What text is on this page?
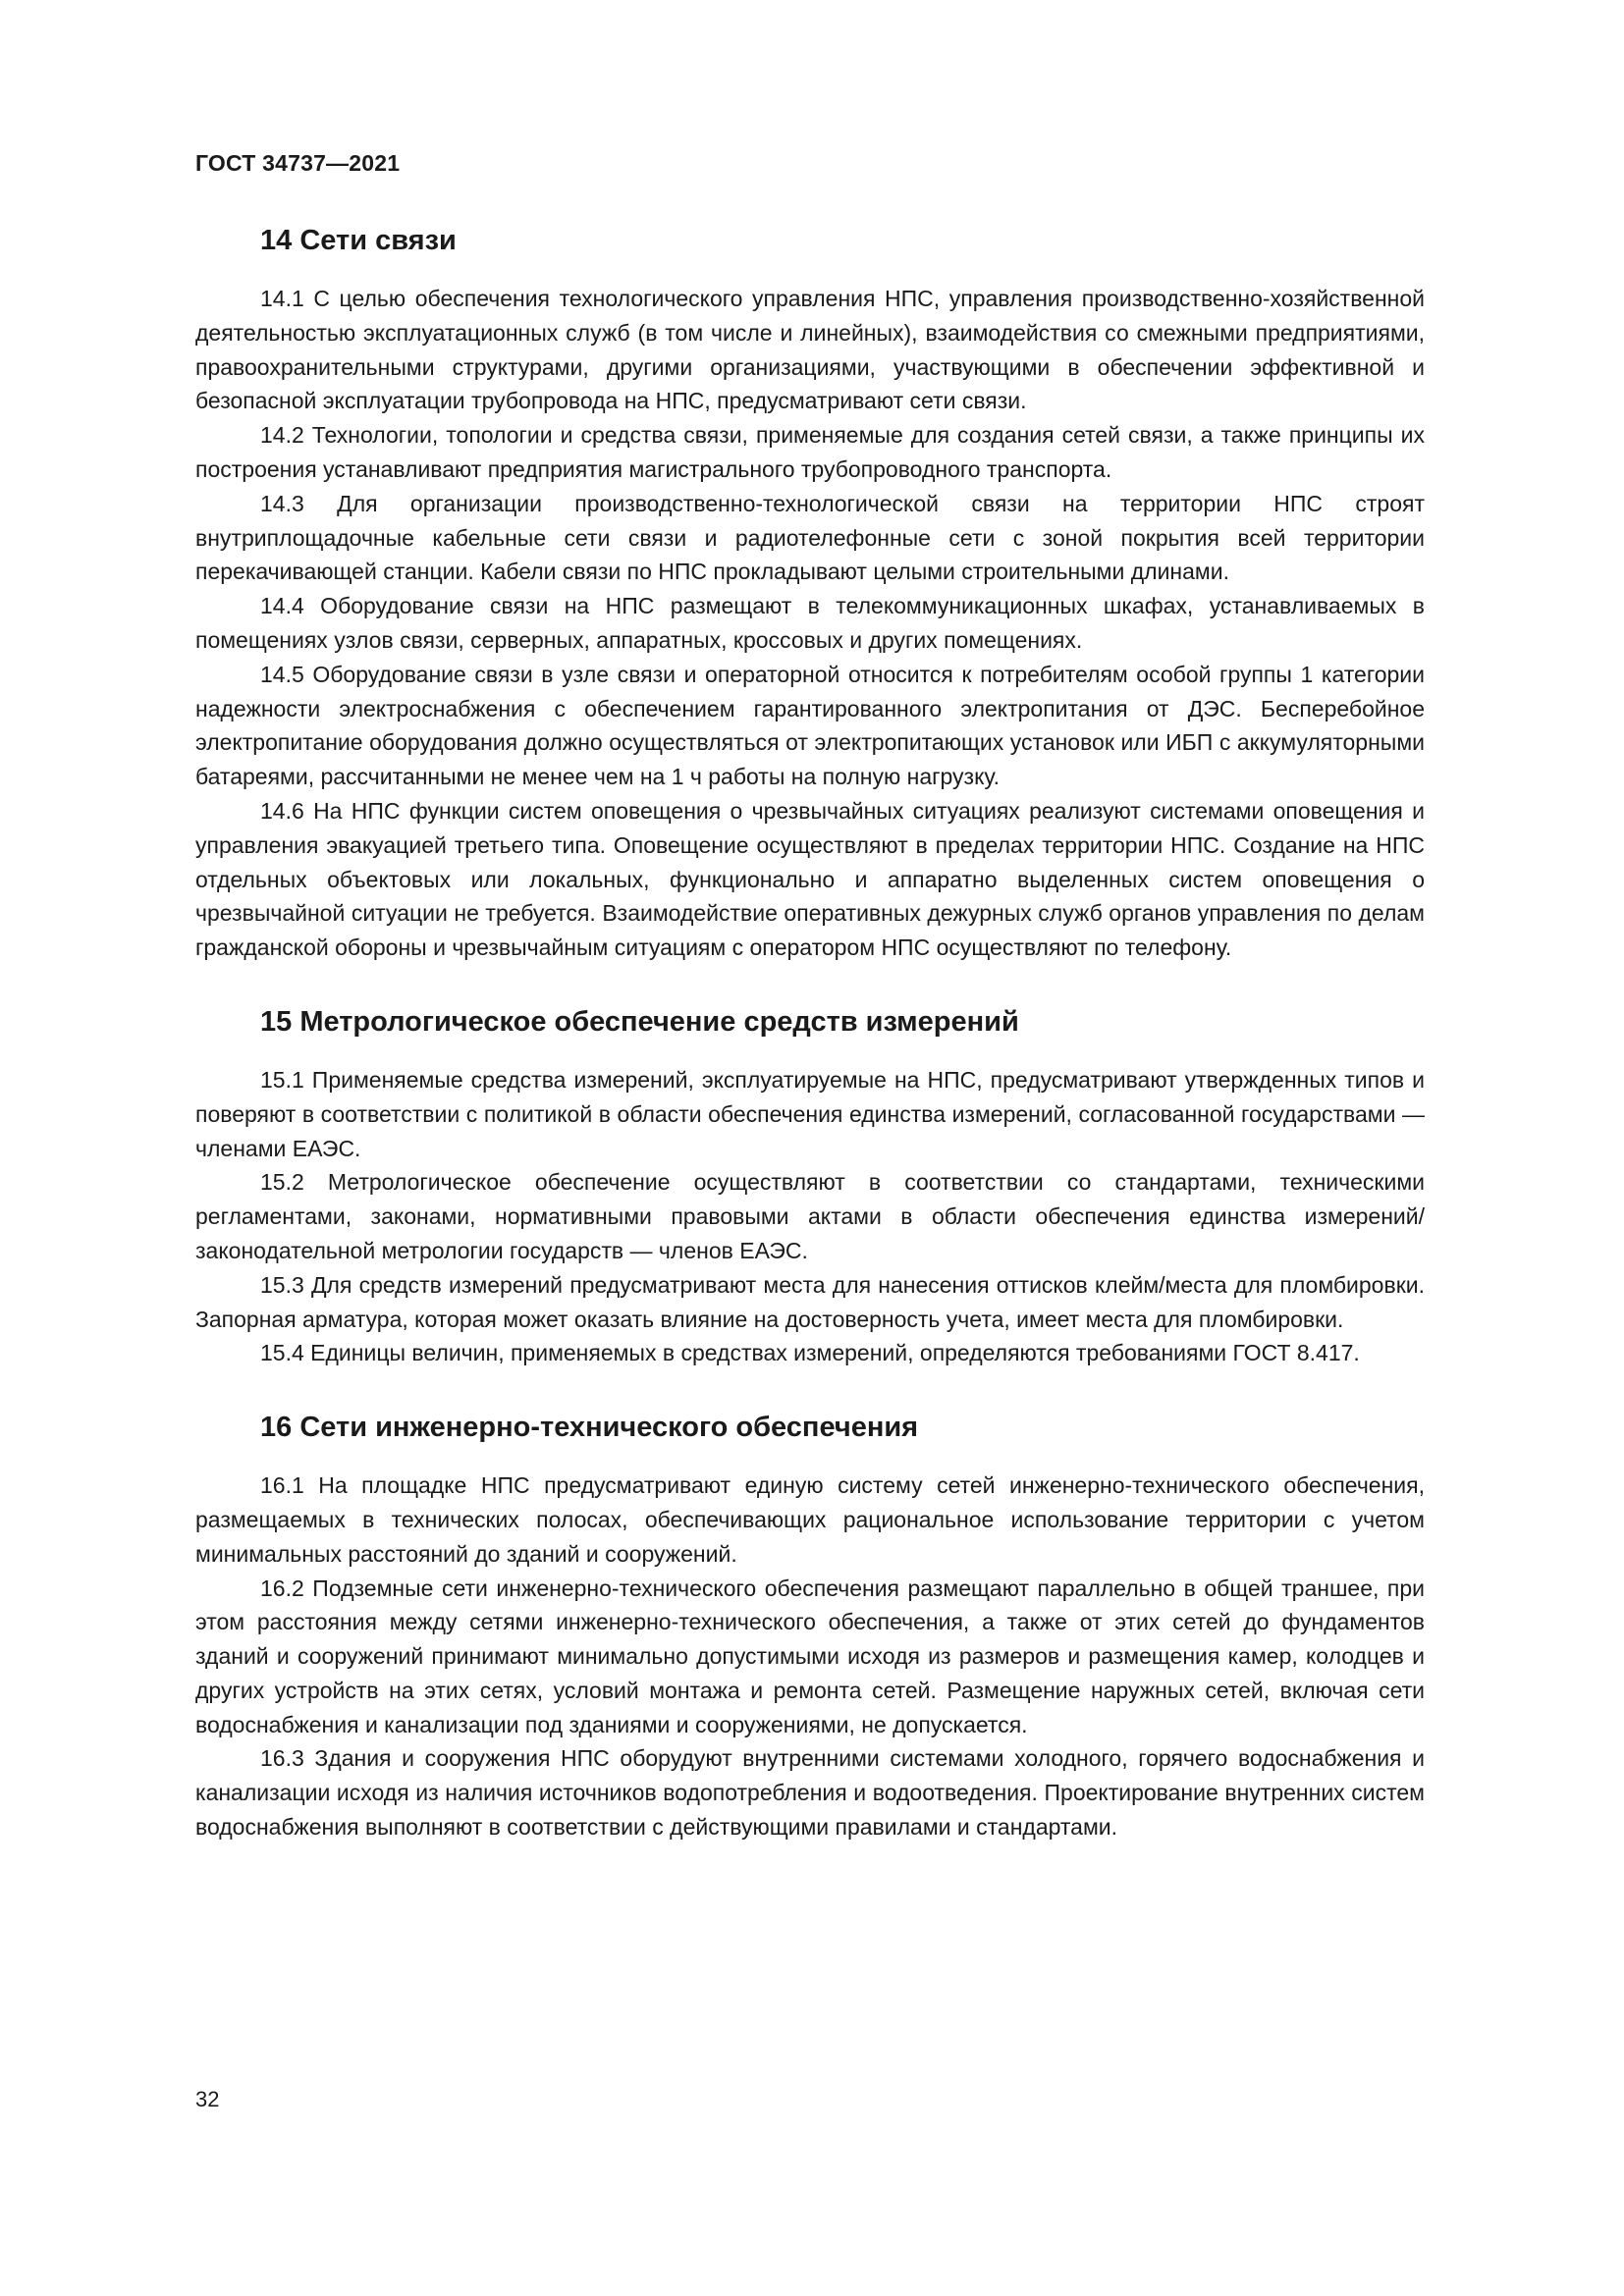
ГОСТ 34737—2021
14 Сети связи

14.1 С целью обеспечения технологического управления НПС, управления производственно-хозяйственной деятельностью эксплуатационных служб (в том числе и линейных), взаимодействия со смежными предприятиями, правоохранительными структурами, другими организациями, участвующими в обеспечении эффективной и безопасной эксплуатации трубопровода на НПС, предусматривают сети связи.

14.2 Технологии, топологии и средства связи, применяемые для создания сетей связи, а также принципы их построения устанавливают предприятия магистрального трубопроводного транспорта.

14.3 Для организации производственно-технологической связи на территории НПС строят внутриплощадочные кабельные сети связи и радиотелефонные сети с зоной покрытия всей территории перекачивающей станции. Кабели связи по НПС прокладывают целыми строительными длинами.

14.4 Оборудование связи на НПС размещают в телекоммуникационных шкафах, устанавливаемых в помещениях узлов связи, серверных, аппаратных, кроссовых и других помещениях.

14.5 Оборудование связи в узле связи и операторной относится к потребителям особой группы 1 категории надежности электроснабжения с обеспечением гарантированного электропитания от ДЭС. Бесперебойное электропитание оборудования должно осуществляться от электропитающих установок или ИБП с аккумуляторными батареями, рассчитанными не менее чем на 1 ч работы на полную нагрузку.

14.6 На НПС функции систем оповещения о чрезвычайных ситуациях реализуют системами оповещения и управления эвакуацией третьего типа. Оповещение осуществляют в пределах территории НПС. Создание на НПС отдельных объектовых или локальных, функционально и аппаратно выделенных систем оповещения о чрезвычайной ситуации не требуется. Взаимодействие оперативных дежурных служб органов управления по делам гражданской обороны и чрезвычайным ситуациям с оператором НПС осуществляют по телефону.

15 Метрологическое обеспечение средств измерений

15.1 Применяемые средства измерений, эксплуатируемые на НПС, предусматривают утвержденных типов и поверяют в соответствии с политикой в области обеспечения единства измерений, согласованной государствами — членами ЕАЭС.

15.2 Метрологическое обеспечение осуществляют в соответствии со стандартами, техническими регламентами, законами, нормативными правовыми актами в области обеспечения единства измерений/законодательной метрологии государств — членов ЕАЭС.

15.3 Для средств измерений предусматривают места для нанесения оттисков клейм/места для пломбировки. Запорная арматура, которая может оказать влияние на достоверность учета, имеет места для пломбировки.

15.4 Единицы величин, применяемых в средствах измерений, определяются требованиями ГОСТ 8.417.

16 Сети инженерно-технического обеспечения

16.1 На площадке НПС предусматривают единую систему сетей инженерно-технического обеспечения, размещаемых в технических полосах, обеспечивающих рациональное использование территории с учетом минимальных расстояний до зданий и сооружений.

16.2 Подземные сети инженерно-технического обеспечения размещают параллельно в общей траншее, при этом расстояния между сетями инженерно-технического обеспечения, а также от этих сетей до фундаментов зданий и сооружений принимают минимально допустимыми исходя из размеров и размещения камер, колодцев и других устройств на этих сетях, условий монтажа и ремонта сетей. Размещение наружных сетей, включая сети водоснабжения и канализации под зданиями и сооружениями, не допускается.

16.3 Здания и сооружения НПС оборудуют внутренними системами холодного, горячего водоснабжения и канализации исходя из наличия источников водопотребления и водоотведения. Проектирование внутренних систем водоснабжения выполняют в соответствии с действующими правилами и стандартами.

32
